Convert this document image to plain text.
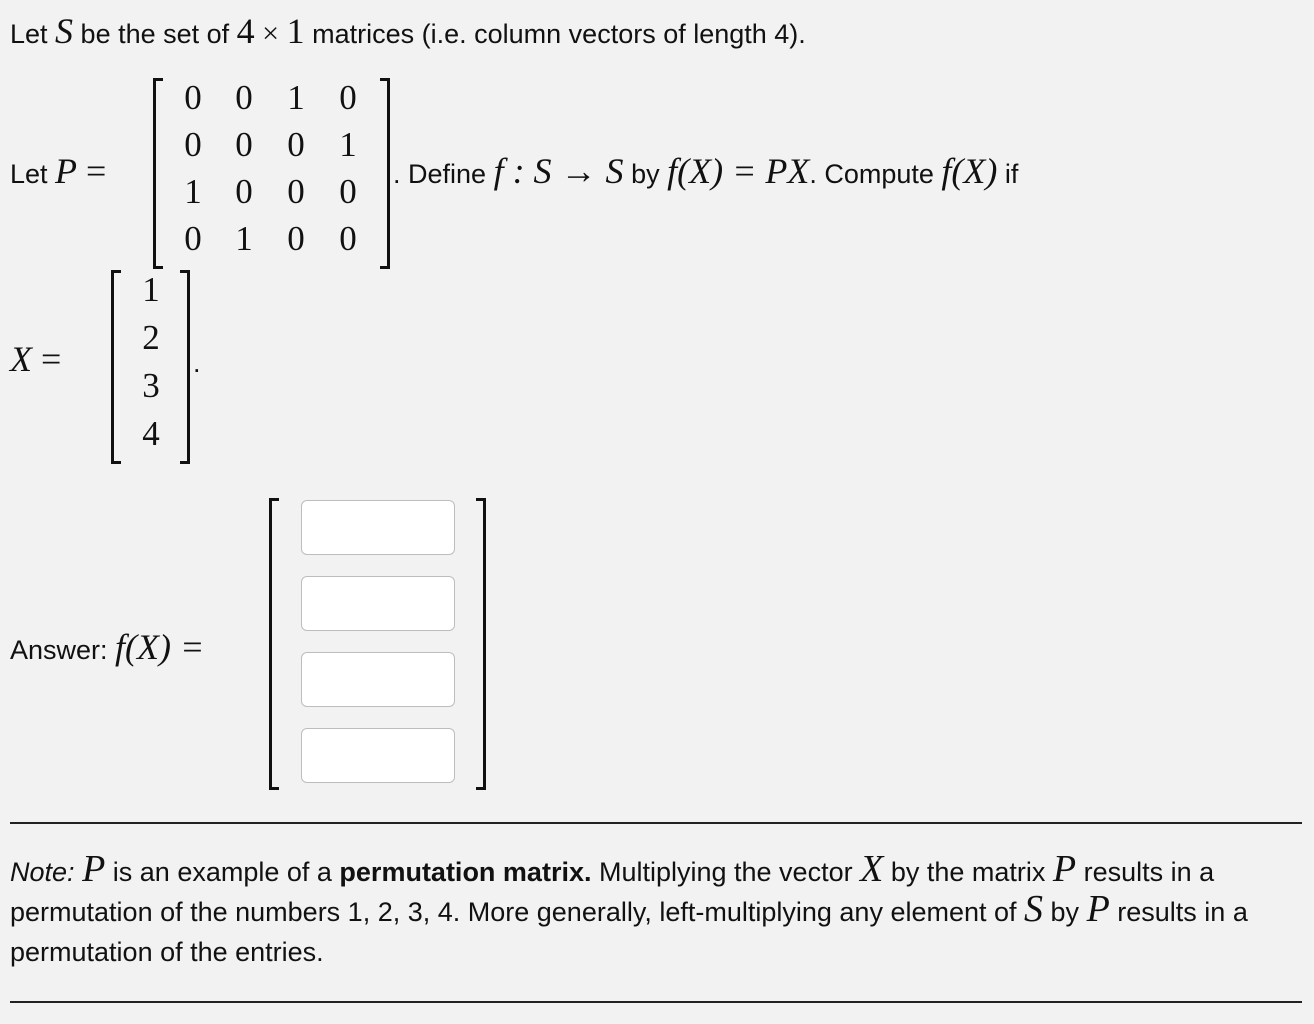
Let S be the set of 4 × 1 matrices (i.e. column vectors of length 4).
Let P =
0 0 1 0
0 0 0 1
1 0 0 0
0 1 0 0
. Define f : S → S by f(X) = PX. Compute f(X) if
X =
1
2
3
4
.
Answer: f(X) =
Note: P is an example of a permutation matrix. Multiplying the vector X by the matrix P results in a permutation of the numbers 1, 2, 3, 4. More generally, left-multiplying any element of S by P results in a permutation of the entries.
